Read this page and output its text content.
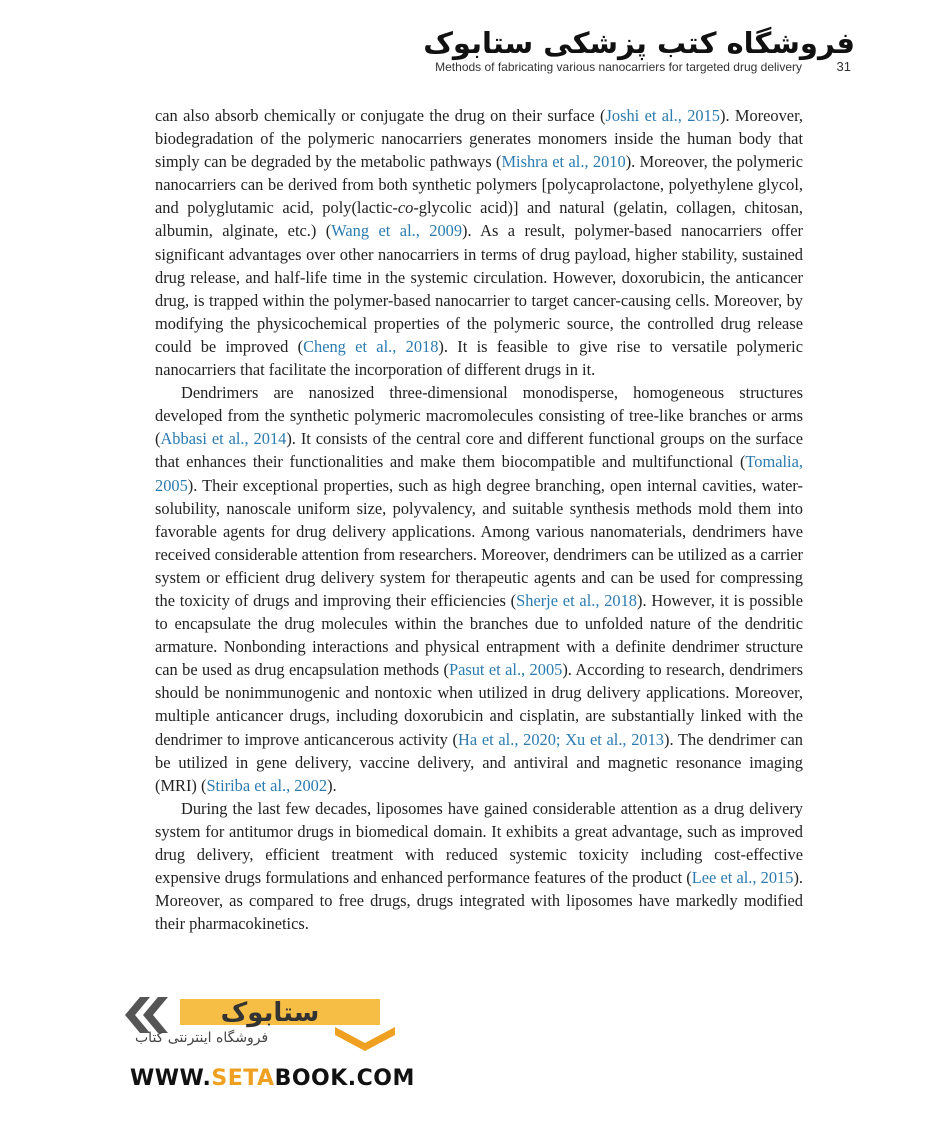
فروشگاه کتب پزشکی ستابوک
Methods of fabricating various nanocarriers for targeted drug delivery	31

can also absorb chemically or conjugate the drug on their surface (Joshi et al., 2015). Moreover, biodegradation of the polymeric nanocarriers generates monomers inside the human body that simply can be degraded by the metabolic pathways (Mishra et al., 2010). Moreover, the polymeric nanocarriers can be derived from both synthetic polymers [polycaprolactone, polyethylene glycol, and polyglutamic acid, poly(lactic-co-glycolic acid)] and natural (gelatin, collagen, chitosan, albumin, alginate, etc.) (Wang et al., 2009). As a result, polymer-based nanocarriers offer significant advantages over other nanocarriers in terms of drug payload, higher stability, sustained drug release, and half-life time in the systemic circulation. However, doxorubicin, the anticancer drug, is trapped within the polymer-based nanocarrier to target cancer-causing cells. Moreover, by modifying the physicochemical properties of the polymeric source, the controlled drug release could be improved (Cheng et al., 2018). It is feasible to give rise to versatile polymeric nanocarriers that facilitate the incorporation of different drugs in it.

Dendrimers are nanosized three-dimensional monodisperse, homogeneous structures developed from the synthetic polymeric macromolecules consisting of tree-like branches or arms (Abbasi et al., 2014). It consists of the central core and different functional groups on the surface that enhances their functionalities and make them biocompatible and multifunctional (Tomalia, 2005). Their exceptional properties, such as high degree branching, open internal cavities, water-solubility, nanoscale uniform size, polyvalency, and suitable synthesis methods mold them into favorable agents for drug delivery applications. Among various nanomaterials, dendrimers have received considerable attention from researchers. Moreover, dendrimers can be utilized as a carrier system or efficient drug delivery system for therapeutic agents and can be used for compressing the toxicity of drugs and improving their efficiencies (Sherje et al., 2018). However, it is possible to encapsulate the drug molecules within the branches due to unfolded nature of the dendritic armature. Nonbonding interactions and physical entrapment with a definite dendrimer structure can be used as drug encapsulation methods (Pasut et al., 2005). According to research, dendrimers should be nonimmunogenic and nontoxic when utilized in drug delivery applications. Moreover, multiple anticancer drugs, including doxorubicin and cisplatin, are substantially linked with the dendrimer to improve anticancerous activity (Ha et al., 2020; Xu et al., 2013). The dendrimer can be utilized in gene delivery, vaccine delivery, and antiviral and magnetic resonance imaging (MRI) (Stiriba et al., 2002).

During the last few decades, liposomes have gained considerable attention as a drug delivery system for antitumor drugs in biomedical domain. It exhibits a great advantage, such as improved drug delivery, efficient treatment with reduced systemic toxicity including cost-effective expensive drugs formulations and enhanced performance features of the product (Lee et al., 2015). Moreover, as compared to free drugs, drugs integrated with liposomes have markedly modified their pharmacokinetics.

ستابوک
فروشگاه اینترنتی کتاب
WWW.SETABOOK.COM
